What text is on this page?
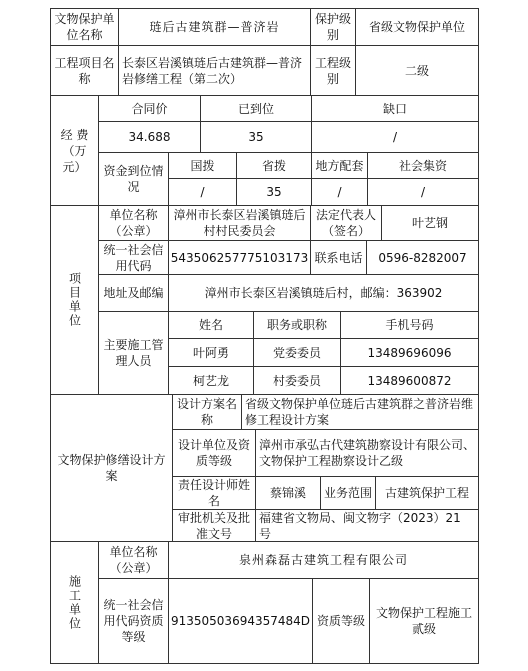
文物保护单位名称
琏后古建筑群—普济岩
保护级别
省级文物保护单位
工程项目名 称
长泰区岩溪镇琏后古建筑群—普济岩修缮工程（第二次）
工程级别
二级
经 费（万元）
合同价	已到位	缺口
34.688	35	/
资金到位情况
国拨	省拨	地方配套	社会集资
/	35	/	/
项目单位
单位名称（公章）
漳州市长泰区岩溪镇琏后村村民委员会
法定代表人（签名）
叶艺钢
统一社会信用代码
543506257775103173 联系电话	0596-8282007
地址及邮编	漳州市长泰区岩溪镇琏后村，邮编：363902
主要施工管理人员
姓名	职务或职称	手机号码
叶阿勇	党委委员	13489696096
柯艺龙	村委委员	13489600872
文物保护修缮设计方案
设计方案名称
省级文物保护单位琏后古建筑群之普济岩维修工程设计方案
设计单位及资质等级
漳州市承弘古代建筑勘察设计有限公司、文物保护工程勘察设计乙级
责任设计师姓名
蔡锦溪	业务范围	古建筑保护工程
审批机关及批准文号
福建省文物局、闽文物字（2023）21 号
施工单位
单位名称（公章）
泉州森磊古建筑工程有限公司
统一社会信用代码资质等级
91350503694357484D 资质等级
文物保护工程施工贰级
